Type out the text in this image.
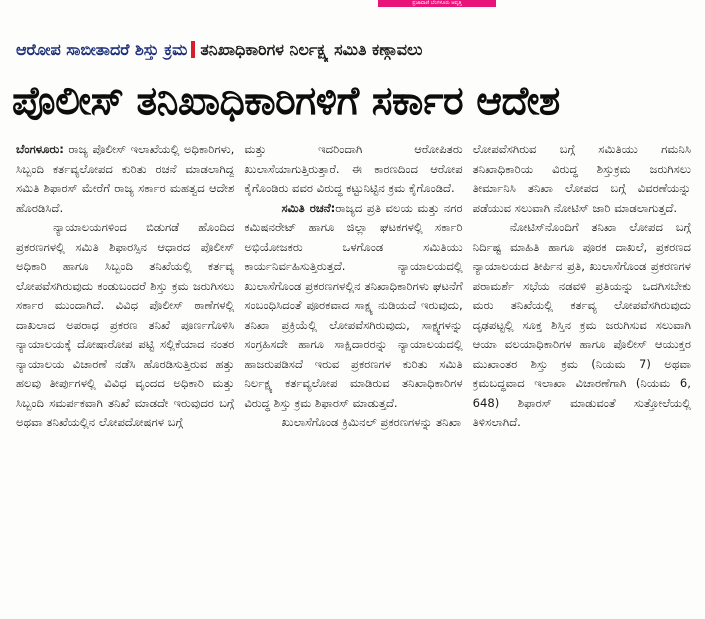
ಪ್ರಜಾವಾಣಿ ಬೆಂಗಳೂರು ಆವೃತ್ತಿ
ಆರೋಪ ಸಾಬೀತಾದರೆ ಶಿಸ್ತು ಕ್ರಮ ತನಿಖಾಧಿಕಾರಿಗಳ ನಿರ್ಲಕ್ಷ್ಯ ಸಮಿತಿ ಕಣ್ಗಾವಲು
ಪೊಲೀಸ್ ತನಿಖಾಧಿಕಾರಿಗಳಿಗೆ ಸರ್ಕಾರ ಆದೇಶ

ಬೆಂಗಳೂರು: ರಾಜ್ಯ ಪೊಲೀಸ್ ಇಲಾಖೆಯಲ್ಲಿ ಅಧಿಕಾರಿಗಳು, ಸಿಬ್ಬಂದಿ ಕರ್ತವ್ಯಲೋಪದ ಕುರಿತು ರಚನೆ ಮಾಡಲಾಗಿದ್ದ ಸಮಿತಿ ಶಿಫಾರಸ್ ಮೇರೆಗೆ ರಾಜ್ಯ ಸರ್ಕಾರ ಮಹತ್ವದ ಆದೇಶ ಹೊರಡಿಸಿದೆ.

ನ್ಯಾಯಾಲಯಗಳಿಂದ ಬಿಡುಗಡೆ ಹೊಂದಿದ ಪ್ರಕರಣಗಳಲ್ಲಿ ಸಮಿತಿ ಶಿಫಾರಸ್ಸಿನ ಆಧಾರದ ಪೊಲೀಸ್ ಅಧಿಕಾರಿ ಹಾಗೂ ಸಿಬ್ಬಂದಿ ತನಿಖೆಯಲ್ಲಿ ಕರ್ತವ್ಯ ಲೋಪವೆಸಗಿರುವುದು ಕಂಡುಬಂದರೆ ಶಿಸ್ತು ಕ್ರಮ ಜರುಗಿಸಲು ಸರ್ಕಾರ ಮುಂದಾಗಿದೆ. ವಿವಿಧ ಪೊಲೀಸ್ ಠಾಣೆಗಳಲ್ಲಿ ದಾಖಲಾದ ಅಪರಾಧ ಪ್ರಕರಣ ತನಿಖೆ ಪೂರ್ಣಗೊಳಿಸಿ ನ್ಯಾಯಾಲಯಕ್ಕೆ ದೋಷಾರೋಪ ಪಟ್ಟಿ ಸಲ್ಲಿಕೆಯಾದ ನಂತರ ನ್ಯಾಯಾಲಯ ವಿಚಾರಣೆ ನಡೆಸಿ ಹೊರಡಿಸುತ್ತಿರುವ ಹತ್ತು ಹಲವು ತೀರ್ಪುಗಳಲ್ಲಿ ವಿವಿಧ ವೃಂದದ ಅಧಿಕಾರಿ ಮತ್ತು ಸಿಬ್ಬಂದಿ ಸಮರ್ಪಕವಾಗಿ ತನಿಖೆ ಮಾಡದೇ ಇರುವುದರ ಬಗ್ಗೆ ಅಥವಾ ತನಿಖೆಯಲ್ಲಿನ ಲೋಪದೋಷಗಳ ಬಗ್ಗೆ

ಮತ್ತು ಇದರಿಂದಾಗಿ ಆರೋಪಿತರು ಖುಲಾಸೆಯಾಗುತ್ತಿರುತ್ತಾರೆ. ಈ ಕಾರಣದಿಂದ ಆರೋಪ ಕೈಗೊಂಡಿರು ವವರ ವಿರುದ್ಧ ಕಟ್ಟುನಿಟ್ಟಿನ ಕ್ರಮ ಕೈಗೊಂಡಿದೆ.

ಸಮಿತಿ ರಚನೆ:ರಾಜ್ಯದ ಪ್ರತಿ ವಲಯ ಮತ್ತು ನಗರ ಕಮಿಷನರೇಟ್ ಹಾಗೂ ಜಿಲ್ಲಾ ಘಟಕಗಳಲ್ಲಿ ಸರ್ಕಾರಿ ಅಭಿಯೋಜಕರು ಒಳಗೊಂಡ ಸಮಿತಿಯು ಕಾರ್ಯನಿರ್ವಹಿಸುತ್ತಿರುತ್ತದೆ. ನ್ಯಾಯಾಲಯದಲ್ಲಿ ಖುಲಾಸೆಗೊಂಡ ಪ್ರಕರಣಗಳಲ್ಲಿನ ತನಿಖಾಧಿಕಾರಿಗಳು ಘಟನೆಗೆ ಸಂಬಂಧಿಸಿದಂತೆ ಪೂರಕವಾದ ಸಾಕ್ಷ್ಯ ನುಡಿಯದೆ ಇರುವುದು, ತನಿಖಾ ಪ್ರಕ್ರಿಯೆಲ್ಲಿ ಲೋಪವೆಸಗಿರುವುದು, ಸಾಕ್ಷ್ಯಗಳನ್ನು ಸಂಗ್ರಹಿಸದೇ ಹಾಗೂ ಸಾಕ್ಷಿದಾರರನ್ನು ನ್ಯಾಯಾಲಯದಲ್ಲಿ ಹಾಜರುಪಡಿಸದೆ ಇರುವ ಪ್ರಕರಣಗಳ ಕುರಿತು ಸಮಿತಿ ನಿರ್ಲಕ್ಷ್ಯ ಕರ್ತವ್ಯಲೋಪ ಮಾಡಿರುವ ತನಿಖಾಧಿಕಾರಿಗಳ ವಿರುದ್ಧ ಶಿಸ್ತು ಕ್ರಮ ಶಿಫಾರಸ್ ಮಾಡುತ್ತದೆ.

ಖುಲಾಸೆಗೊಂಡ ಕ್ರಿಮಿನಲ್ ಪ್ರಕರಣಗಳನ್ನು ತನಿಖಾ

ಲೋಪವೆಸಗಿರುವ ಬಗ್ಗೆ ಸಮಿತಿಯು ಗಮನಿಸಿ ತನಿಖಾಧಿಕಾರಿಯ ವಿರುದ್ಧ ಶಿಸ್ತುಕ್ರಮ ಜರುಗಿಸಲು ತೀರ್ಮಾನಿಸಿ ತನಿಖಾ ಲೋಪದ ಬಗ್ಗೆ ವಿವರಣೆಯನ್ನು ಪಡೆಯುವ ಸಲುವಾಗಿ ನೋಟಿಸ್ ಜಾರಿ ಮಾಡಲಾಗುತ್ತದೆ.

ನೋಟಿಸ್‌ನೊಂದಿಗೆ ತನಿಖಾ ಲೋಪದ ಬಗ್ಗೆ ನಿರ್ದಿಷ್ಟ ಮಾಹಿತಿ ಹಾಗೂ ಪೂರಕ ದಾಖಲೆ, ಪ್ರಕರಣದ ನ್ಯಾಯಾಲಯದ ತೀರ್ಪಿನ ಪ್ರತಿ, ಖುಲಾಸೆಗೊಂಡ ಪ್ರಕರಣಗಳ ಪರಾಮರ್ಶೆ ಸಭೆಯ ನಡವಳಿ ಪ್ರತಿಯನ್ನು ಒದಗಿಸಬೇಕು ಮರು ತನಿಖೆಯಲ್ಲಿ ಕರ್ತವ್ಯ ಲೋಪವೆಸಗಿರುವುದು ದೃಢಪಟ್ಟಲ್ಲಿ ಸೂಕ್ತ ಶಿಸ್ತಿನ ಕ್ರಮ ಜರುಗಿಸುವ ಸಲುವಾಗಿ ಆಯಾ ವಲಯಾಧಿಕಾರಿಗಳ ಹಾಗೂ ಪೊಲೀಸ್ ಆಯುಕ್ತರ ಮುಖಾಂತರ ಶಿಸ್ತು ಕ್ರಮ (ನಿಯಮ 7) ಅಥವಾ ಕ್ರಮಬದ್ಧವಾದ ಇಲಾಖಾ ವಿಚಾರಣೆಗಾಗಿ (ನಿಯಮ 6, 648) ಶಿಫಾರಸ್ ಮಾಡುವಂತೆ ಸುತ್ತೋಲೆಯಲ್ಲಿ ತಿಳಿಸಲಾಗಿದೆ.
